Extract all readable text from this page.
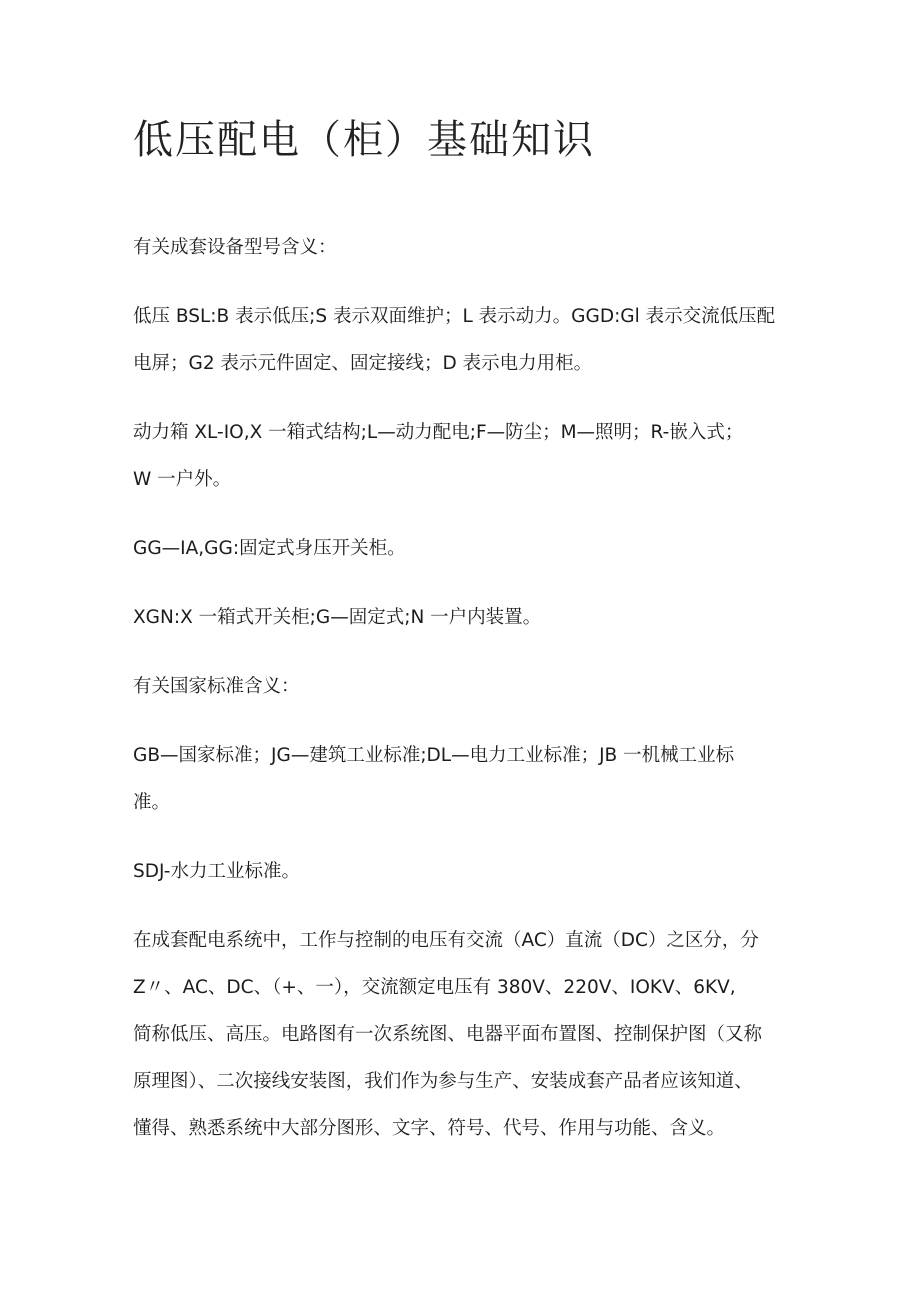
低压配电（柜）基础知识

有关成套设备型号含义：

低压 BSL:B 表示低压;S 表示双面维护；L 表示动力。GGD:Gl 表示交流低压配
电屏；G2 表示元件固定、固定接线；D 表示电力用柜。

动力箱 XL-IO,X 一箱式结构;L—动力配电;F—防尘；M—照明；R-嵌入式；
W 一户外。

GG—IA,GG:固定式身压开关柜。

XGN:X 一箱式开关柜;G—固定式;N 一户内装置。

有关国家标准含义：

GB—国家标准；JG—建筑工业标准;DL—电力工业标准；JB 一机械工业标
准。

SDJ-水力工业标准。

在成套配电系统中，工作与控制的电压有交流（AC）直流（DC）之区分，分
Z〃、AC、DC、（+、一），交流额定电压有 380V、220V、IOKV、6KV,
简称低压、高压。电路图有一次系统图、电器平面布置图、控制保护图（又称
原理图）、二次接线安装图，我们作为参与生产、安装成套产品者应该知道、
懂得、熟悉系统中大部分图形、文字、符号、代号、作用与功能、含义。
